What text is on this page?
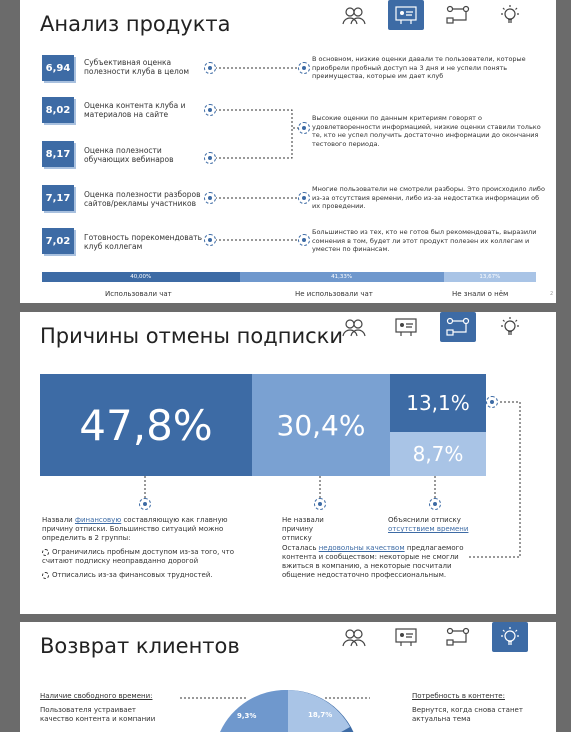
Анализ продукта
6,94	Субъективная оценка полезности клуба в целом
8,02	Оценка контента клуба и материалов на сайте
8,17	Оценка полезности обучающих вебинаров
7,17	Оценка полезности разборов сайтов/рекламы участников
7,02	Готовность порекомендовать клуб коллегам
В основном, низкие оценки давали те пользователи, которые приобрели пробный доступ на 3 дня и не успели понять преимущества, которые им дает клуб
Высокие оценки по данным критериям говорят о удовлетворенности информацией, низкие оценки ставили только те, кто не успел получить достаточно информации до окончания тестового периода.
Многие пользователи не смотрели разборы. Это происходило либо из-за отсутствия времени, либо из-за недостатка информации об их проведении.
Большинство из тех, кто не готов был рекомендовать, выразили сомнения в том, будет ли этот продукт полезен их коллегам и уместен по финансам.
40,00%	41,33%	13,67%
Использовали чат	Не использовали чат	Не знали о нём	2
Причины отмены подписки
47,8%	30,4%
13,1%
8,7%
Назвали финансовую составляющую как главную причину отписки. Большинство ситуаций можно определить в 2 группы:
Ограничились пробным доступом из-за того, что считают подписку неоправданно дорогой
Отписались из-за финансовых трудностей.
Не назвали причину отписку
Объяснили отписку отсутствием времени
Осталась недовольны качеством предлагаемого контента и сообществом: некоторые не смогли вжиться в компанию, а некоторые посчитали общение недостаточно профессиональным.
Возврат клиентов
9,3%	18,7%
Наличие свободного времени:
Пользователя устраивает качество контента и компании
Потребность в контенте:
Вернутся, когда снова станет актуальна тема
